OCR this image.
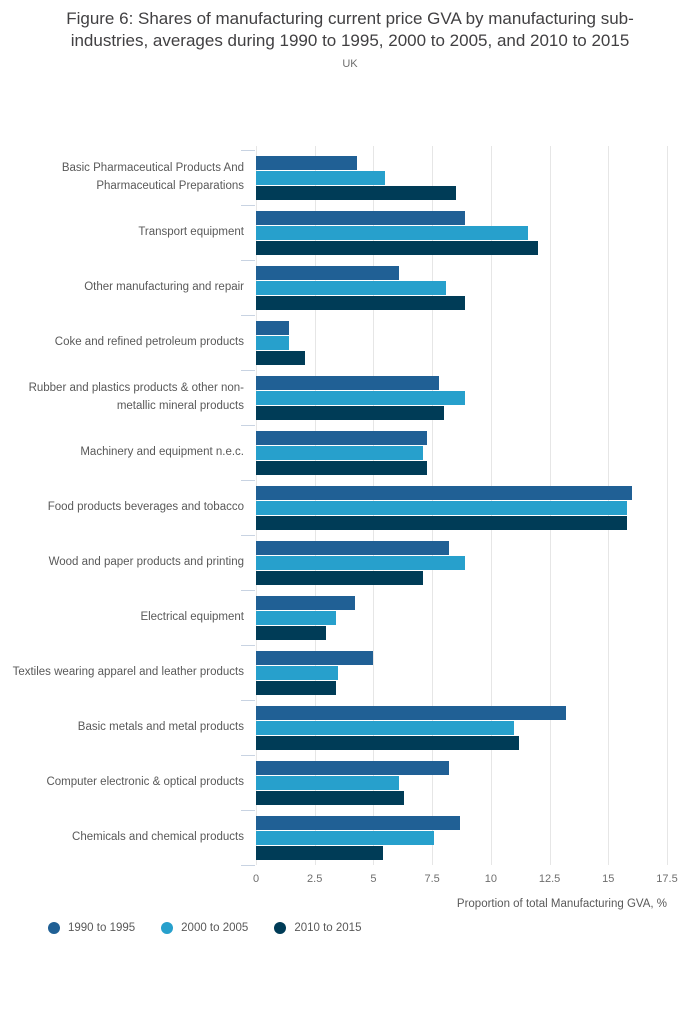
Figure 6: Shares of manufacturing current price GVA by manufacturing sub-industries, averages during 1990 to 1995, 2000 to 2005, and 2010 to 2015
UK
Basic Pharmaceutical Products And Pharmaceutical Preparations
Transport equipment
Other manufacturing and repair
Coke and refined petroleum products
Rubber and plastics products & other non-metallic mineral products
Machinery and equipment n.e.c.
Food products beverages and tobacco
Wood and paper products and printing
Electrical equipment
Textiles wearing apparel and leather products
Basic metals and metal products
Computer electronic & optical products
Chemicals and chemical products
0	2.5	5	7.5	10	12.5	15	17.5
Proportion of total Manufacturing GVA, %
1990 to 1995	2000 to 2005	2010 to 2015
